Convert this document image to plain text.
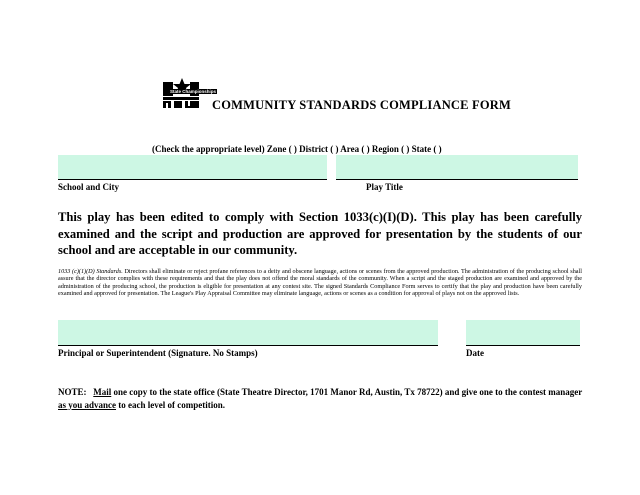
State Championships
COMMUNITY STANDARDS COMPLIANCE FORM
(Check the appropriate level) Zone ( ) District ( ) Area ( ) Region ( ) State ( )
School and City	Play Title
This play has been edited to comply with Section 1033(c)(I)(D). This play has been carefully examined and the script and production are approved for presentation by the students of our school and are acceptable in our community.
1033 (c)(1)(D) Standards. Directors shall eliminate or reject profane references to a deity and obscene language, actions or scenes from the approved production. The administration of the producing school shall assure that the director complies with these requirements and that the play does not offend the moral standards of the community. When a script and the staged production are examined and approved by the administration of the producing school, the production is eligible for presentation at any contest site. The signed Standards Compliance Form serves to certify that the play and production have been carefully examined and approved for presentation. The League's Play Appraisal Committee may eliminate language, actions or scenes as a condition for approval of plays not on the approved lists.
Principal or Superintendent (Signature. No Stamps)	Date
NOTE: Mail one copy to the state office (State Theatre Director, 1701 Manor Rd, Austin, Tx 78722) and give one to the contest manager as you advance to each level of competition.
